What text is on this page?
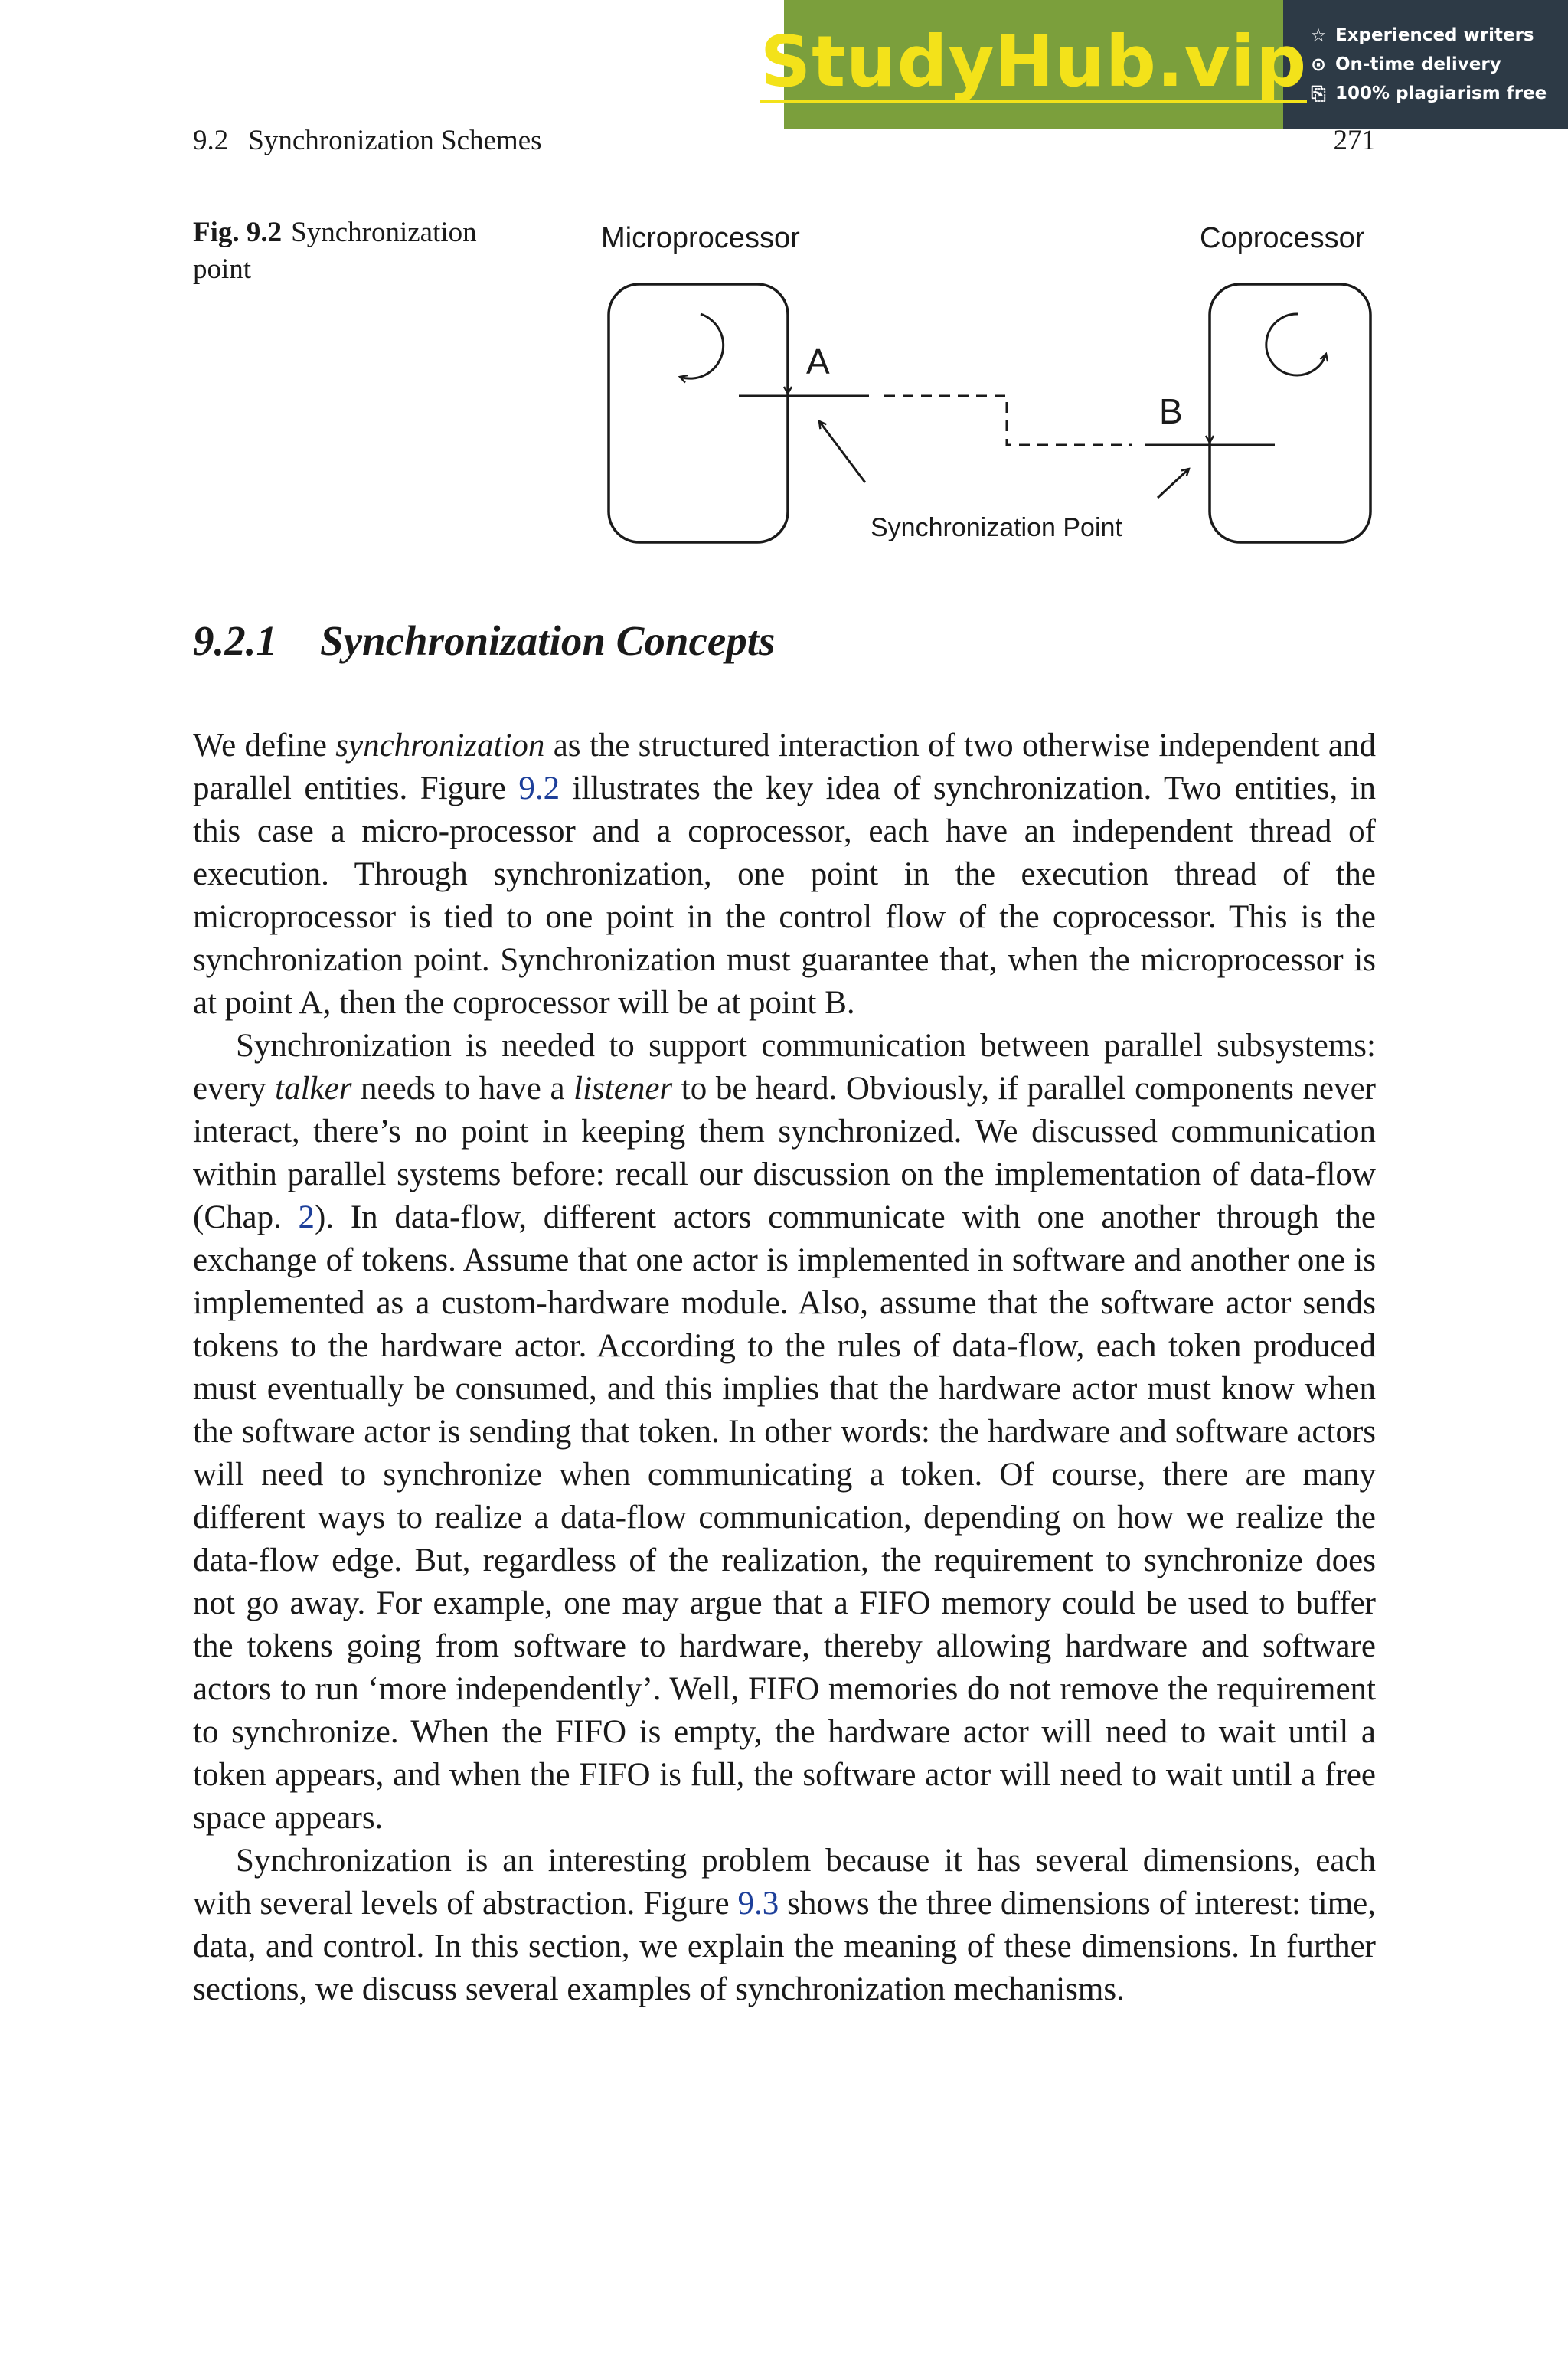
StudyHub.vip ☆ Experienced writers
⊙ On-time delivery
⎘ 100% plagiarism free
9.2 Synchronization Schemes	271
Fig. 9.2 Synchronization point
Microprocessor	Coprocessor
A
B
Synchronization Point
9.2.1 Synchronization Concepts

We define synchronization as the structured interaction of two otherwise independent and parallel entities. Figure 9.2 illustrates the key idea of synchronization. Two entities, in this case a micro-processor and a coprocessor, each have an independent thread of execution. Through synchronization, one point in the execution thread of the microprocessor is tied to one point in the control flow of the coprocessor. This is the synchronization point. Synchronization must guarantee that, when the microprocessor is at point A, then the coprocessor will be at point B.

Synchronization is needed to support communication between parallel subsystems: every talker needs to have a listener to be heard. Obviously, if parallel components never interact, there’s no point in keeping them synchronized. We discussed communication within parallel systems before: recall our discussion on the implementation of data-flow (Chap. 2). In data-flow, different actors communicate with one another through the exchange of tokens. Assume that one actor is implemented in software and another one is implemented as a custom-hardware module. Also, assume that the software actor sends tokens to the hardware actor. According to the rules of data-flow, each token produced must eventually be consumed, and this implies that the hardware actor must know when the software actor is sending that token. In other words: the hardware and software actors will need to synchronize when communicating a token. Of course, there are many different ways to realize a data-flow communication, depending on how we realize the data-flow edge. But, regardless of the realization, the requirement to synchronize does not go away. For example, one may argue that a FIFO memory could be used to buffer the tokens going from software to hardware, thereby allowing hardware and software actors to run ‘more independently’. Well, FIFO memories do not remove the requirement to synchronize. When the FIFO is empty, the hardware actor will need to wait until a token appears, and when the FIFO is full, the software actor will need to wait until a free space appears.

Synchronization is an interesting problem because it has several dimensions, each with several levels of abstraction. Figure 9.3 shows the three dimensions of interest: time, data, and control. In this section, we explain the meaning of these dimensions. In further sections, we discuss several examples of synchronization mechanisms.
